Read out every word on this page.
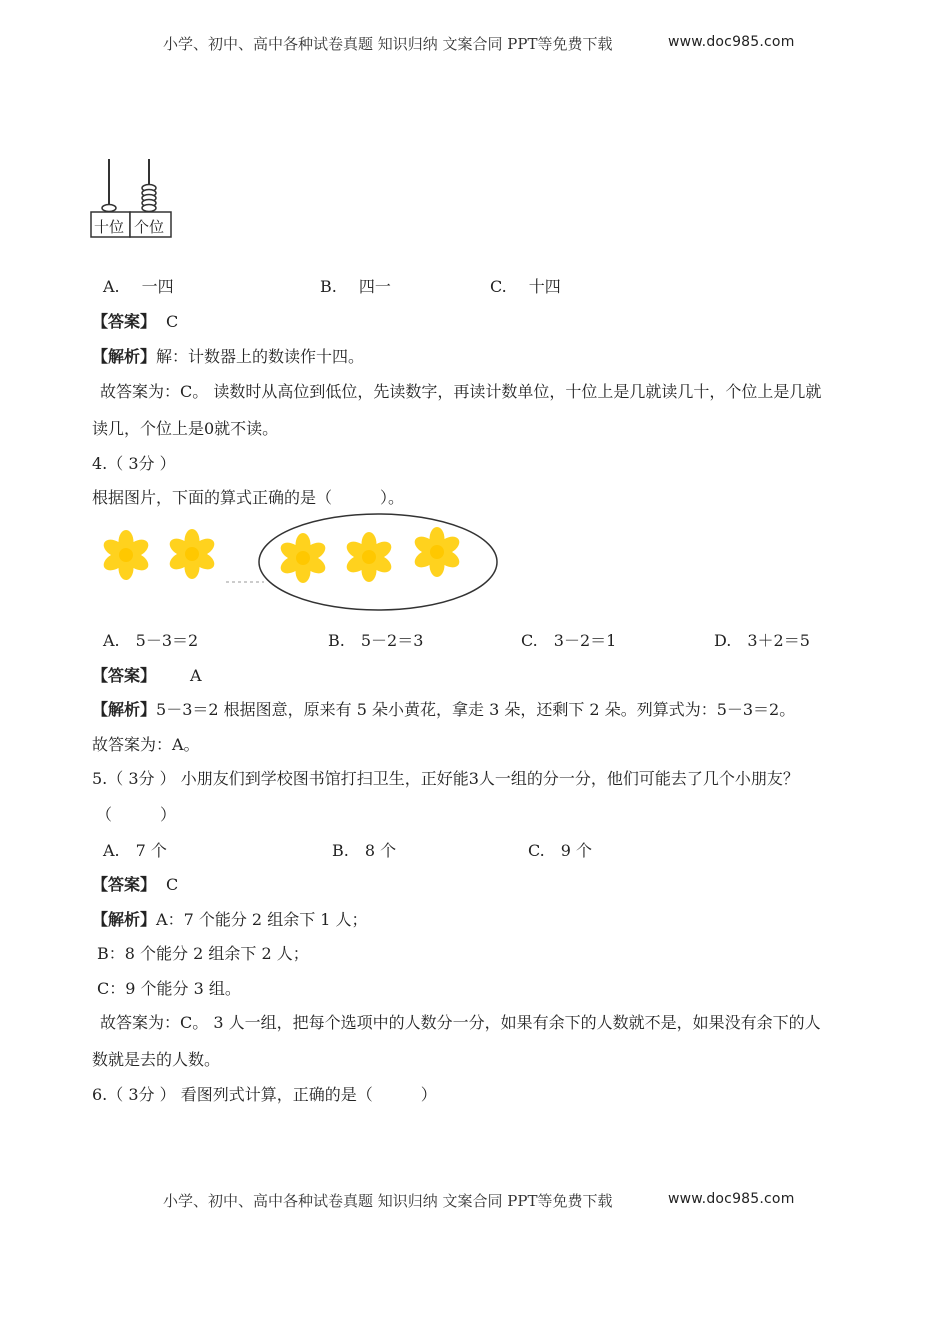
小学、初中、高中各种试卷真题 知识归纳 文案合同 PPT等免费下载	www.doc985.com
十位 个位
A. 一四	B. 四一	C. 十四
【答案】 C
【解析】解：计数器上的数读作十四。
故答案为：C。 读数时从高位到低位，先读数字，再读计数单位，十位上是几就读几十，个位上是几就
读几，个位上是0就不读。
4.（ 3分 ）
根据图片，下面的算式正确的是（　　　）。
A. 5－3＝2	B. 5－2＝3	C. 3－2＝1	D. 3＋2＝5
【答案】 A
【解析】5－3＝2 根据图意，原来有 5 朵小黄花，拿走 3 朵，还剩下 2 朵。列算式为：5－3＝2。
故答案为：A。
5.（ 3分 ） 小朋友们到学校图书馆打扫卫生，正好能3人一组的分一分，他们可能去了几个小朋友？
（　　　）
A. 7 个	B. 8 个	C. 9 个
【答案】 C
【解析】A：7 个能分 2 组余下 1 人；
B：8 个能分 2 组余下 2 人；
C：9 个能分 3 组。
故答案为：C。 3 人一组，把每个选项中的人数分一分，如果有余下的人数就不是，如果没有余下的人
数就是去的人数。
6.（ 3分 ） 看图列式计算，正确的是（　　　）
小学、初中、高中各种试卷真题 知识归纳 文案合同 PPT等免费下载	www.doc985.com
